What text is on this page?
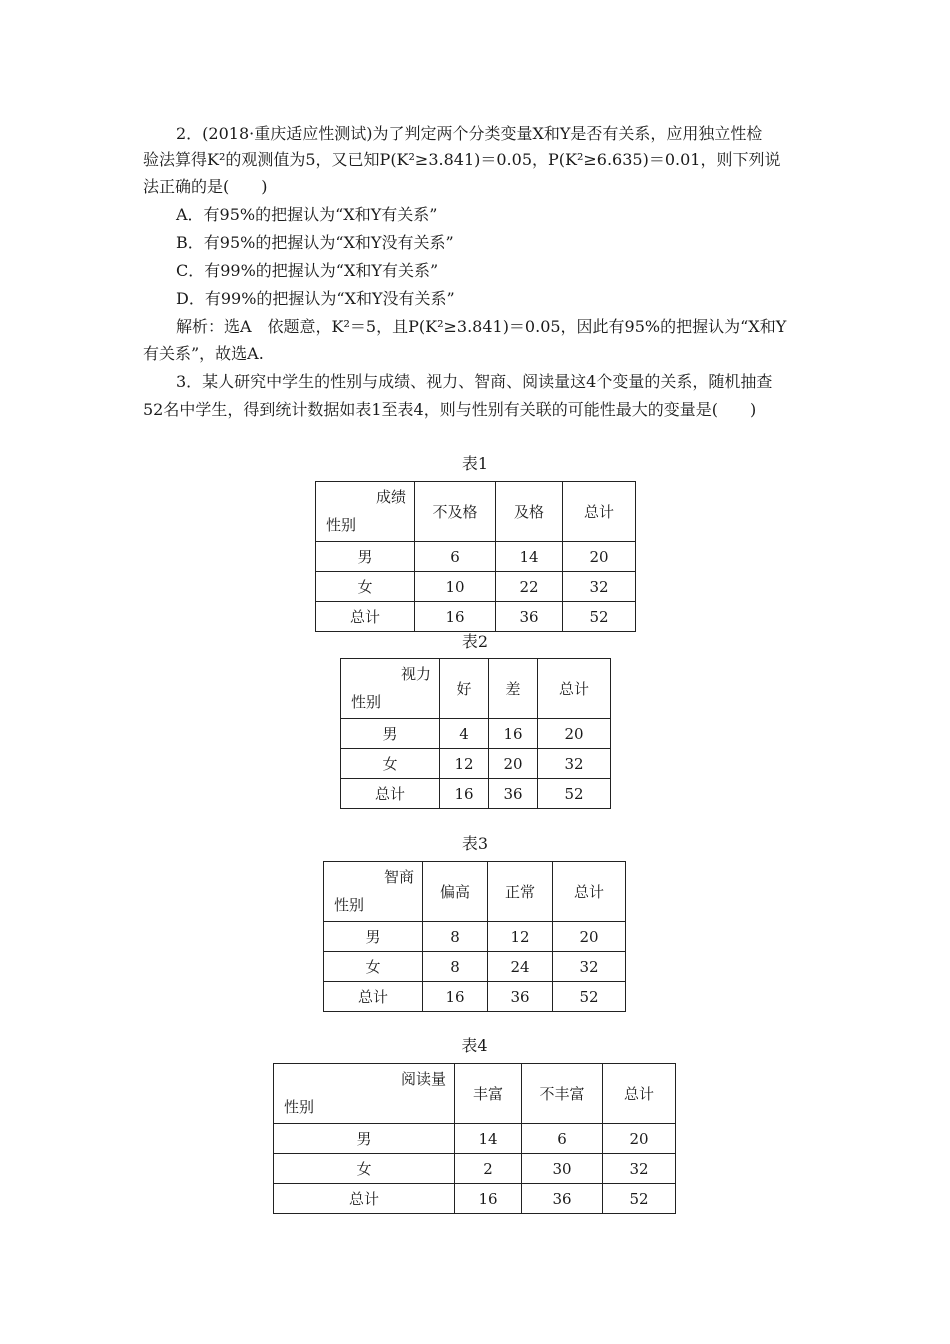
2．(2018·重庆适应性测试)为了判定两个分类变量X和Y是否有关系，应用独立性检
验法算得K²的观测值为5，又已知P(K²≥3.841)＝0.05，P(K²≥6.635)＝0.01，则下列说
法正确的是(　　)
A．有95%的把握认为“X和Y有关系”
B．有95%的把握认为“X和Y没有关系”
C．有99%的把握认为“X和Y有关系”
D．有99%的把握认为“X和Y没有关系”
解析：选A　依题意，K²＝5，且P(K²≥3.841)＝0.05，因此有95%的把握认为“X和Y
有关系”，故选A.
3．某人研究中学生的性别与成绩、视力、智商、阅读量这4个变量的关系，随机抽查
52名中学生，得到统计数据如表1至表4，则与性别有关联的可能性最大的变量是(　　)
表1
成绩
性别	不及格	及格	总计
男	6	14	20
女	10	22	32
总计	16	36	52
表2
视力
性别	好	差	总计
男	4	16	20
女	12	20	32
总计	16	36	52
表3
智商
性别	偏高	正常	总计
男	8	12	20
女	8	24	32
总计	16	36	52
表4
阅读量
性别	丰富	不丰富	总计
男	14	6	20
女	2	30	32
总计	16	36	52
